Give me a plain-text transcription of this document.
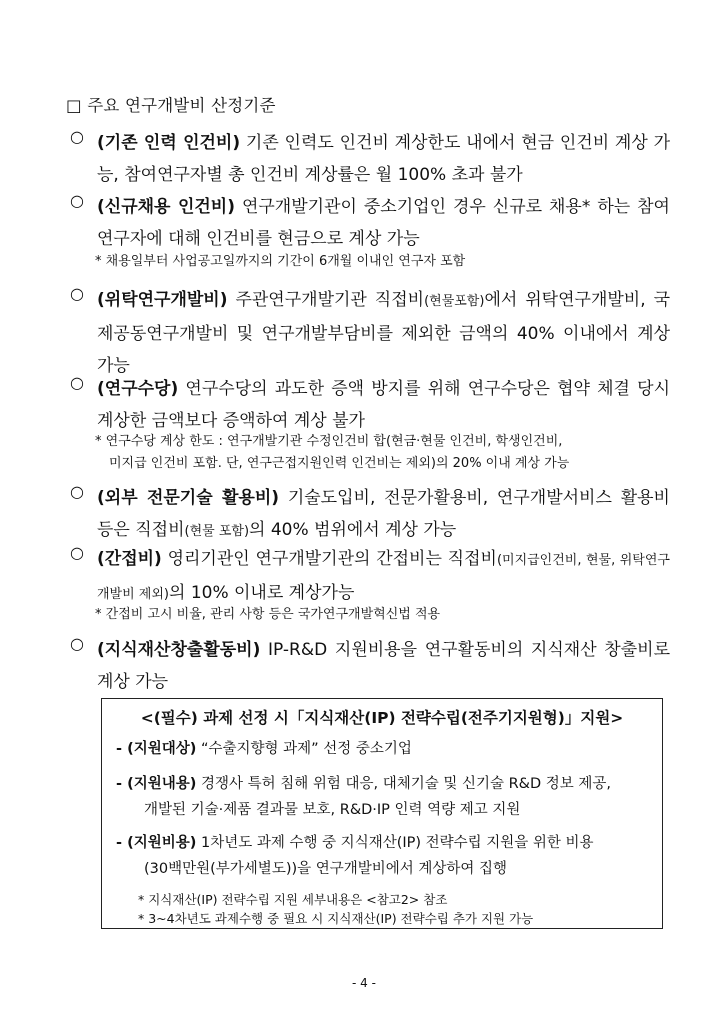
□ 주요 연구개발비 산정기준
○ (기존 인력 인건비) 기존 인력도 인건비 계상한도 내에서 현금 인건비 계상 가능, 참여연구자별 총 인건비 계상률은 월 100% 초과 불가
○ (신규채용 인건비) 연구개발기관이 중소기업인 경우 신규로 채용* 하는 참여연구자에 대해 인건비를 현금으로 계상 가능
* 채용일부터 사업공고일까지의 기간이 6개월 이내인 연구자 포함
○ (위탁연구개발비) 주관연구개발기관 직접비(현물포함)에서 위탁연구개발비, 국제공동연구개발비 및 연구개발부담비를 제외한 금액의 40% 이내에서 계상 가능
○ (연구수당) 연구수당의 과도한 증액 방지를 위해 연구수당은 협약 체결 당시 계상한 금액보다 증액하여 계상 불가
* 연구수당 계상 한도 : 연구개발기관 수정인건비 합(현금·현물 인건비, 학생인건비,
미지급 인건비 포함. 단, 연구근접지원인력 인건비는 제외)의 20% 이내 계상 가능
○ (외부 전문기술 활용비) 기술도입비, 전문가활용비, 연구개발서비스 활용비 등은 직접비(현물 포함)의 40% 범위에서 계상 가능
○ (간접비) 영리기관인 연구개발기관의 간접비는 직접비(미지급인건비, 현물, 위탁연구개발비 제외)의 10% 이내로 계상가능
* 간접비 고시 비율, 관리 사항 등은 국가연구개발혁신법 적용
○ (지식재산창출활동비) IP-R&D 지원비용을 연구활동비의 지식재산 창출비로 계상 가능
<(필수) 과제 선정 시「지식재산(IP) 전략수립(전주기지원형)」지원>
- (지원대상) “수출지향형 과제” 선정 중소기업
- (지원내용) 경쟁사 특허 침해 위험 대응, 대체기술 및 신기술 R&D 정보 제공,
개발된 기술·제품 결과물 보호, R&D·IP 인력 역량 제고 지원
- (지원비용) 1차년도 과제 수행 중 지식재산(IP) 전략수립 지원을 위한 비용
(30백만원(부가세별도))을 연구개발비에서 계상하여 집행
* 지식재산(IP) 전략수립 지원 세부내용은 <참고2> 참조
* 3~4차년도 과제수행 중 필요 시 지식재산(IP) 전략수립 추가 지원 가능
- 4 -
